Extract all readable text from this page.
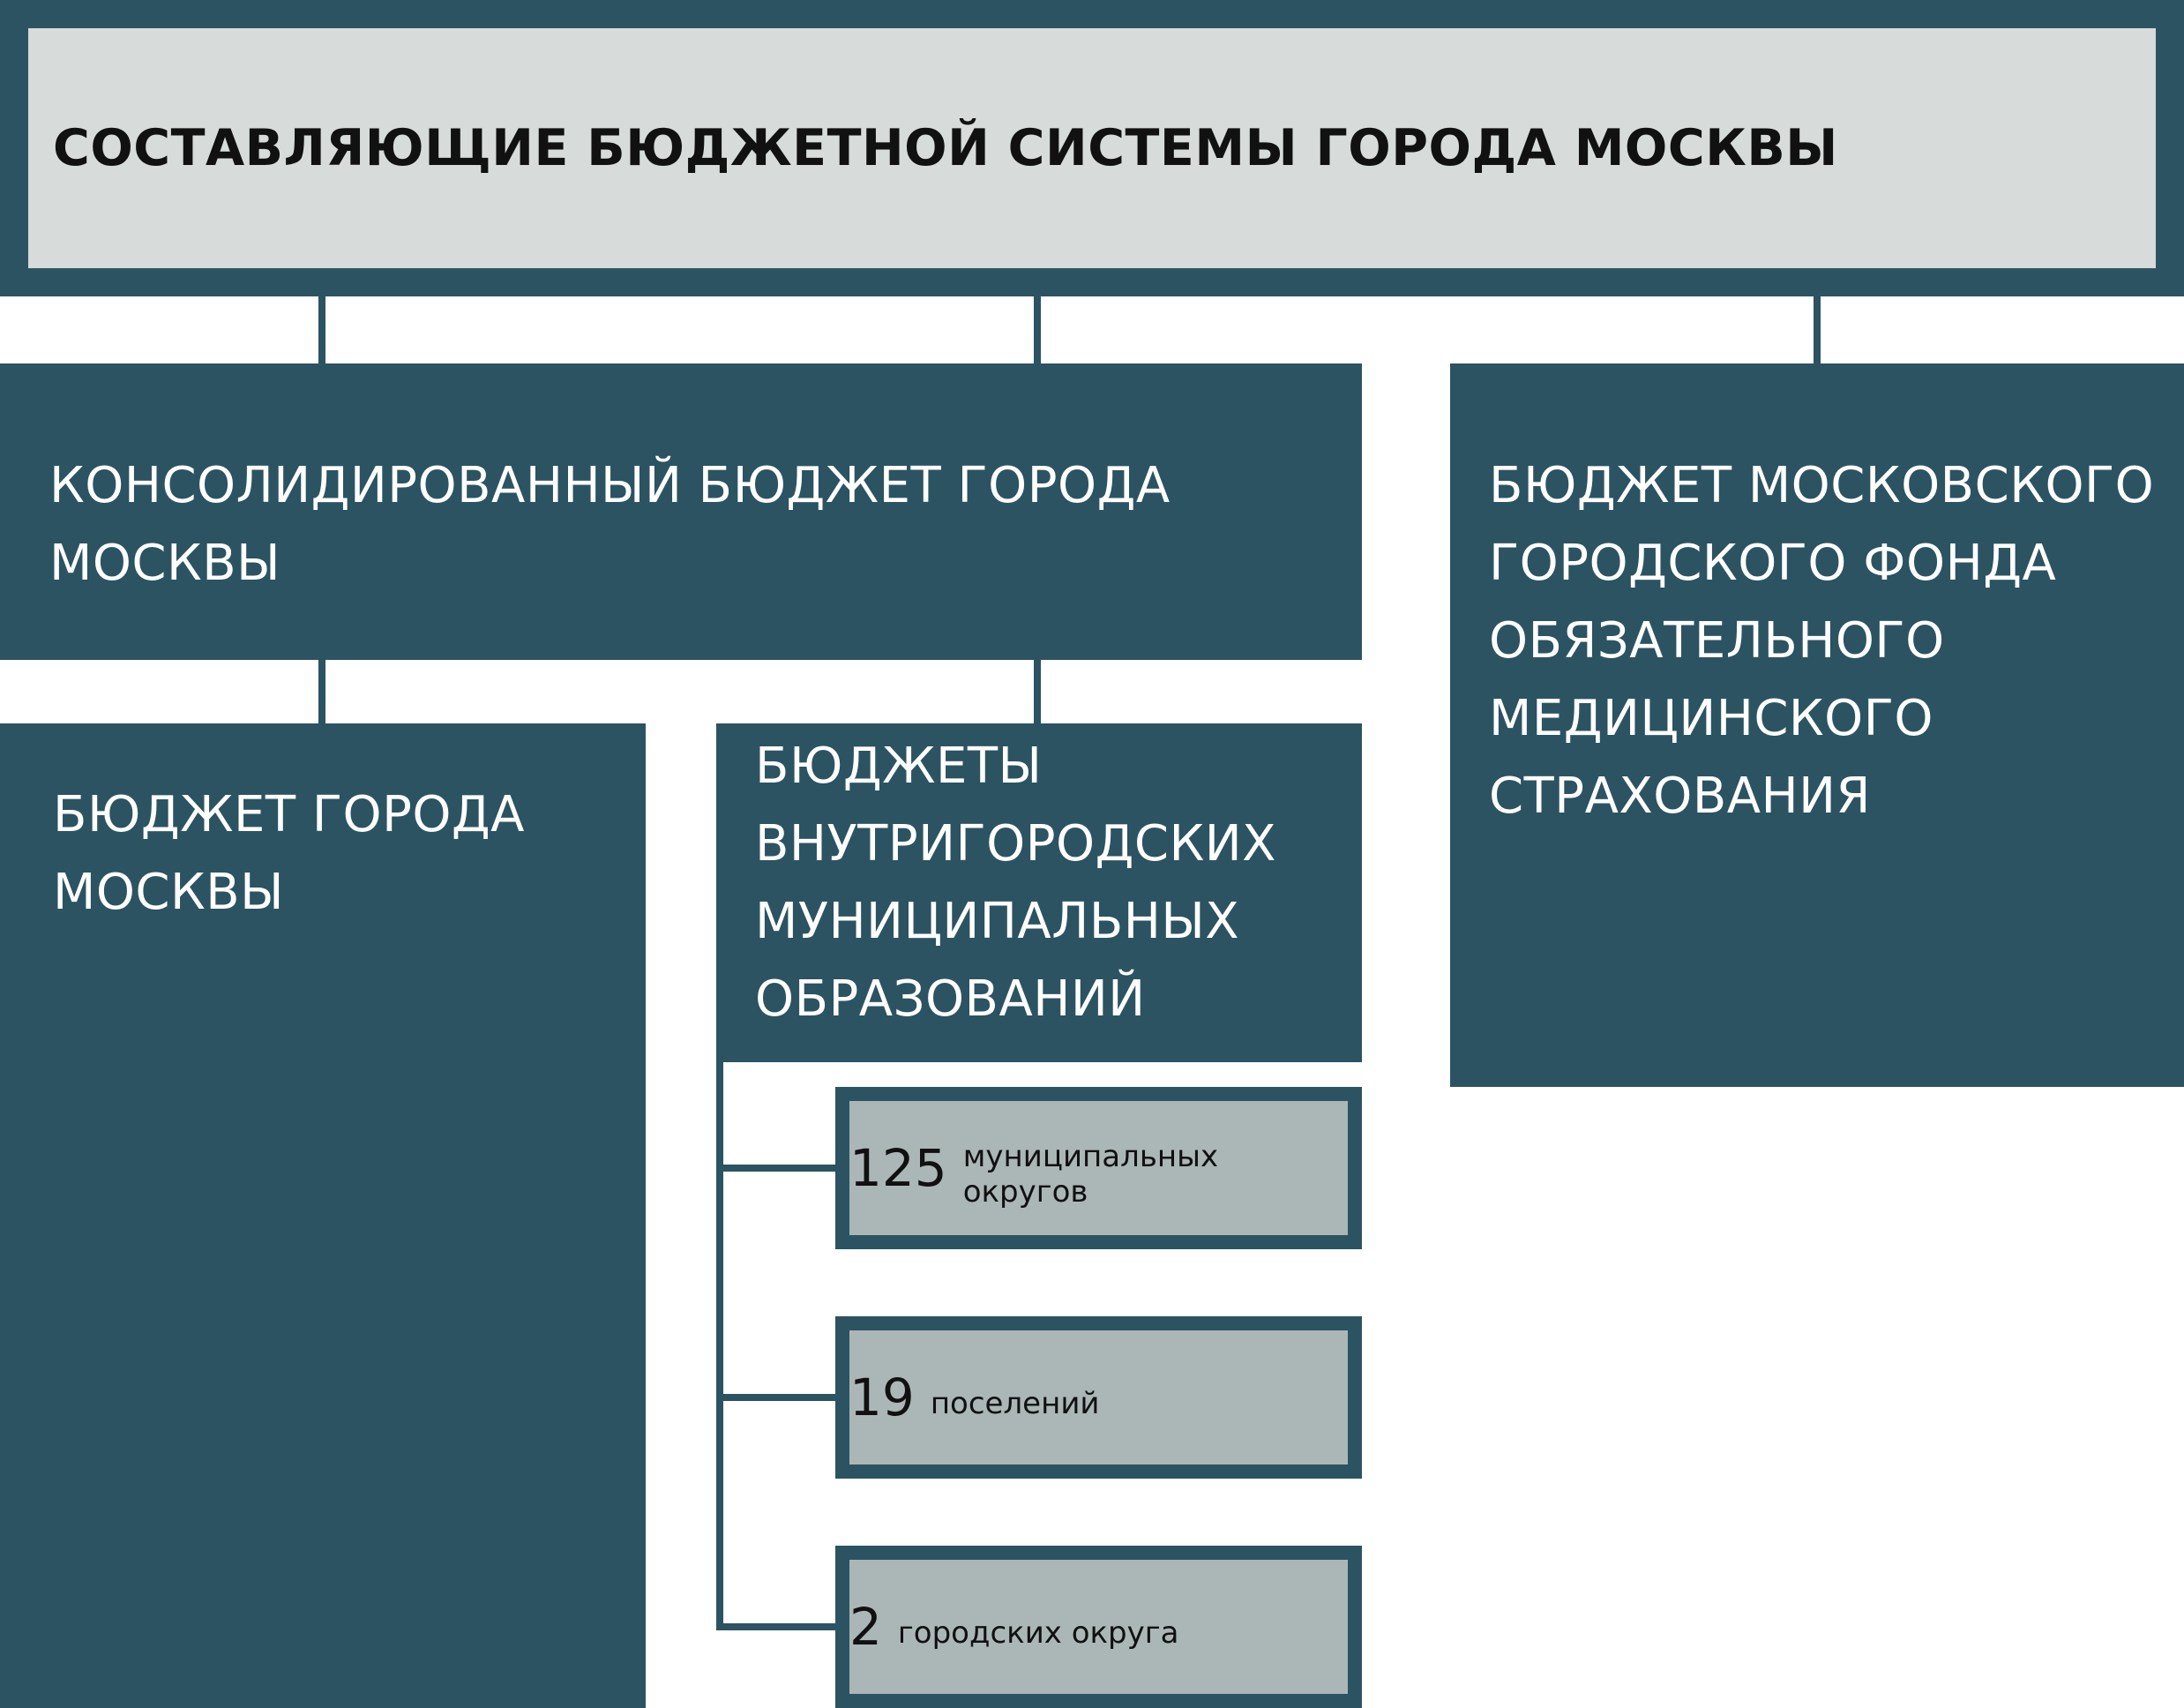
СОСТАВЛЯЮЩИЕ БЮДЖЕТНОЙ СИСТЕМЫ ГОРОДА МОСКВЫ
КОНСОЛИДИРОВАННЫЙ БЮДЖЕТ ГОРОДА
МОСКВЫ
БЮДЖЕТ МОСКОВСКОГО
ГОРОДСКОГО ФОНДА
ОБЯЗАТЕЛЬНОГО
МЕДИЦИНСКОГО
СТРАХОВАНИЯ
БЮДЖЕТ ГОРОДА
МОСКВЫ
БЮДЖЕТЫ
ВНУТРИГОРОДСКИХ
МУНИЦИПАЛЬНЫХ
ОБРАЗОВАНИЙ
125 муниципальных округов
19 поселений
2 городских округа
